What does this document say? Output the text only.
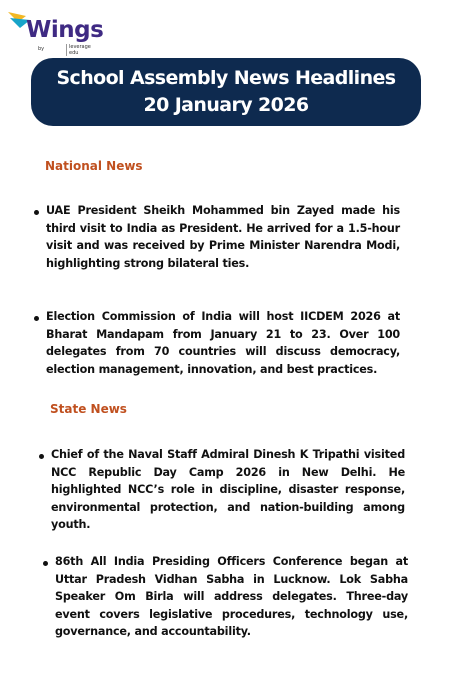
Wings
by	leverage
edu
School Assembly News Headlines
20 January 2026
National News

UAE President Sheikh Mohammed bin Zayed made his third visit to India as President. He arrived for a 1.5-hour visit and was received by Prime Minister Narendra Modi, highlighting strong bilateral ties.

Election Commission of India will host IICDEM 2026 at Bharat Mandapam from January 21 to 23. Over 100 delegates from 70 countries will discuss democracy, election management, innovation, and best practices.

State News

Chief of the Naval Staff Admiral Dinesh K Tripathi visited NCC Republic Day Camp 2026 in New Delhi. He highlighted NCC’s role in discipline, disaster response, environmental protection, and nation-building among youth.

86th All India Presiding Officers Conference began at Uttar Pradesh Vidhan Sabha in Lucknow. Lok Sabha Speaker Om Birla will address delegates. Three-day event covers legislative procedures, technology use, governance, and accountability.
